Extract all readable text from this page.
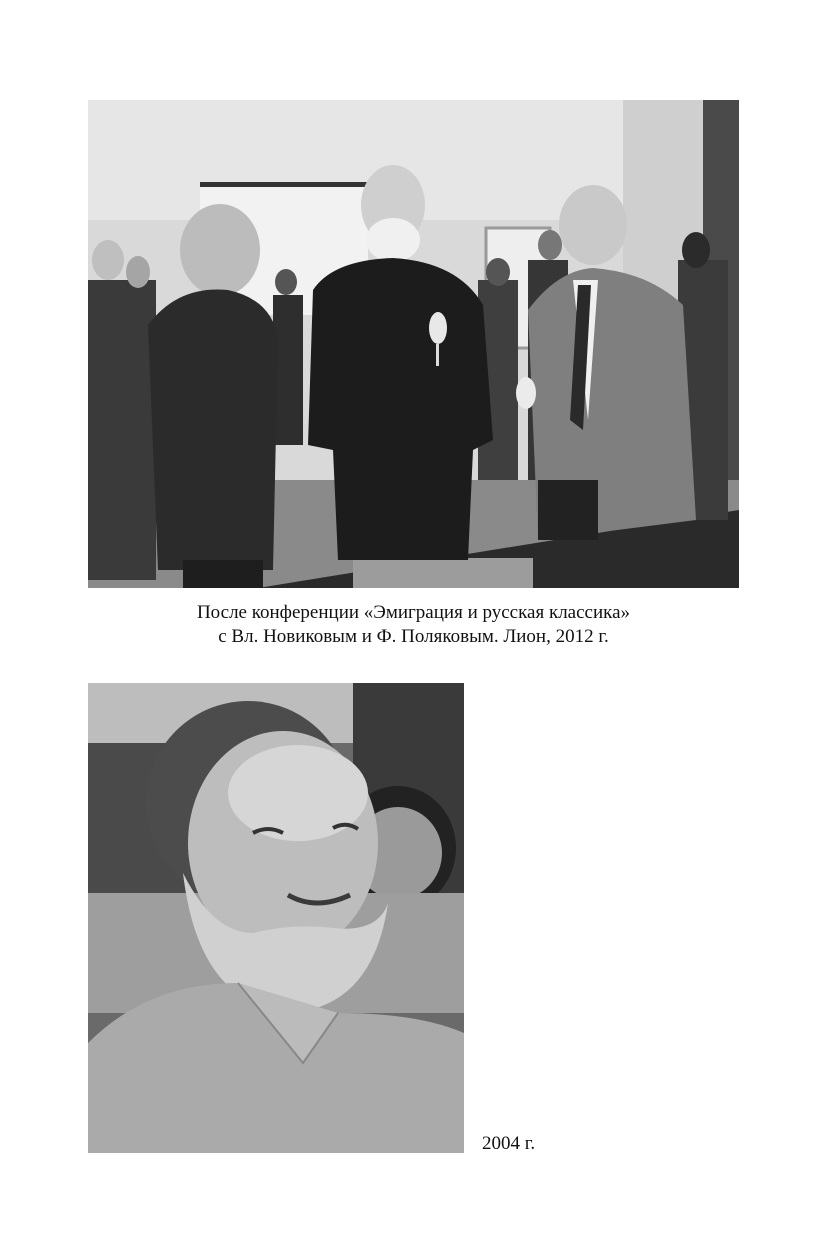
После конференции «Эмиграция и русская классика»
с Вл. Новиковым и Ф. Поляковым. Лион, 2012 г.
2004 г.
